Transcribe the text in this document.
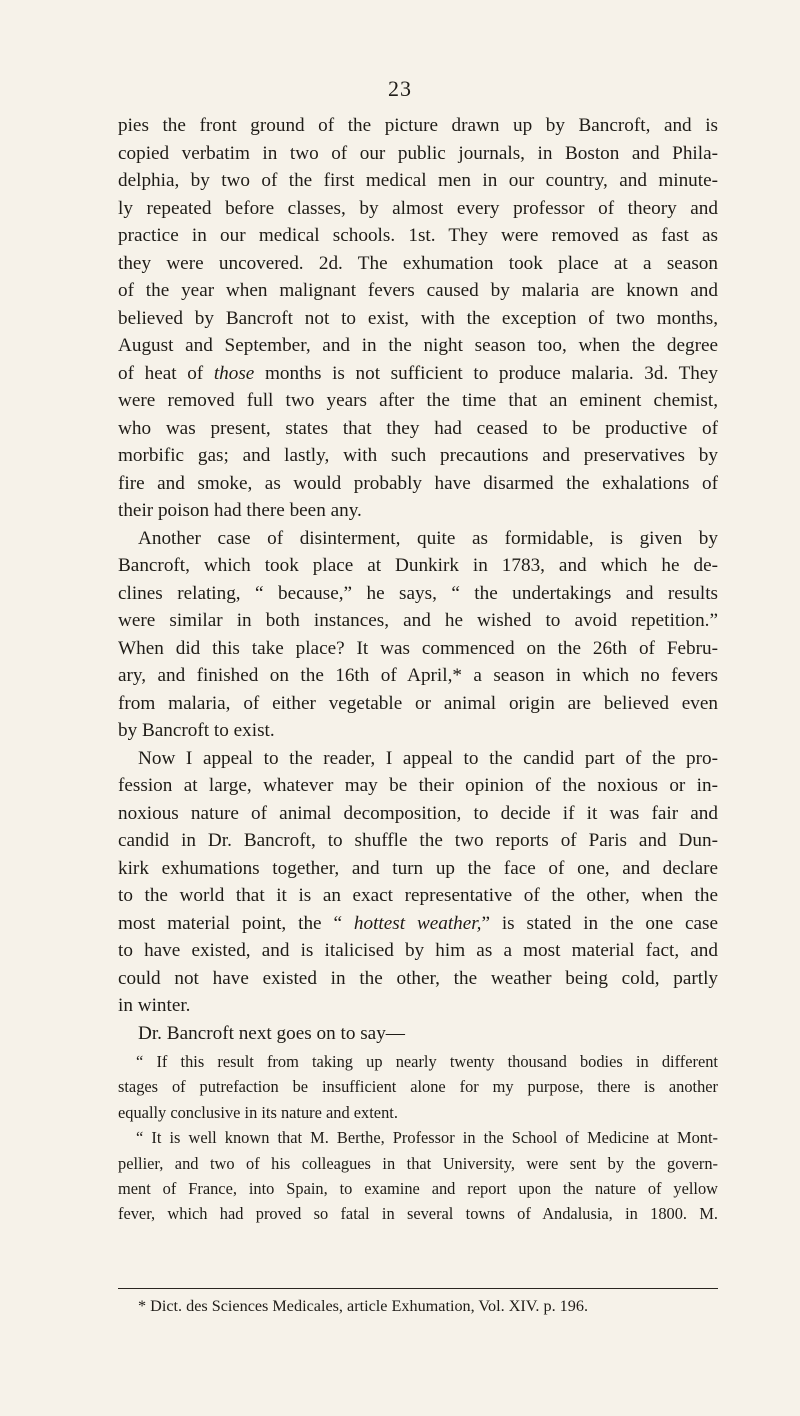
23
pies the front ground of the picture drawn up by Bancroft, and is
copied verbatim in two of our public journals, in Boston and Phila-
delphia, by two of the first medical men in our country, and minute-
ly repeated before classes, by almost every professor of theory and
practice in our medical schools. 1st. They were removed as fast as
they were uncovered. 2d. The exhumation took place at a season
of the year when malignant fevers caused by malaria are known and
believed by Bancroft not to exist, with the exception of two months,
August and September, and in the night season too, when the degree
of heat of those months is not sufficient to produce malaria. 3d. They
were removed full two years after the time that an eminent chemist,
who was present, states that they had ceased to be productive of
morbific gas; and lastly, with such precautions and preservatives by
fire and smoke, as would probably have disarmed the exhalations of
their poison had there been any.
Another case of disinterment, quite as formidable, is given by
Bancroft, which took place at Dunkirk in 1783, and which he de-
clines relating, “ because,” he says, “ the undertakings and results
were similar in both instances, and he wished to avoid repetition.”
When did this take place? It was commenced on the 26th of Febru-
ary, and finished on the 16th of April,* a season in which no fevers
from malaria, of either vegetable or animal origin are believed even
by Bancroft to exist.
Now I appeal to the reader, I appeal to the candid part of the pro-
fession at large, whatever may be their opinion of the noxious or in-
noxious nature of animal decomposition, to decide if it was fair and
candid in Dr. Bancroft, to shuffle the two reports of Paris and Dun-
kirk exhumations together, and turn up the face of one, and declare
to the world that it is an exact representative of the other, when the
most material point, the “ hottest weather,” is stated in the one case
to have existed, and is italicised by him as a most material fact, and
could not have existed in the other, the weather being cold, partly
in winter.
Dr. Bancroft next goes on to say—
“ If this result from taking up nearly twenty thousand bodies in different
stages of putrefaction be insufficient alone for my purpose, there is another
equally conclusive in its nature and extent.
“ It is well known that M. Berthe, Professor in the School of Medicine at Mont-
pellier, and two of his colleagues in that University, were sent by the govern-
ment of France, into Spain, to examine and report upon the nature of yellow
fever, which had proved so fatal in several towns of Andalusia, in 1800. M.
* Dict. des Sciences Medicales, article Exhumation, Vol. XIV. p. 196.
